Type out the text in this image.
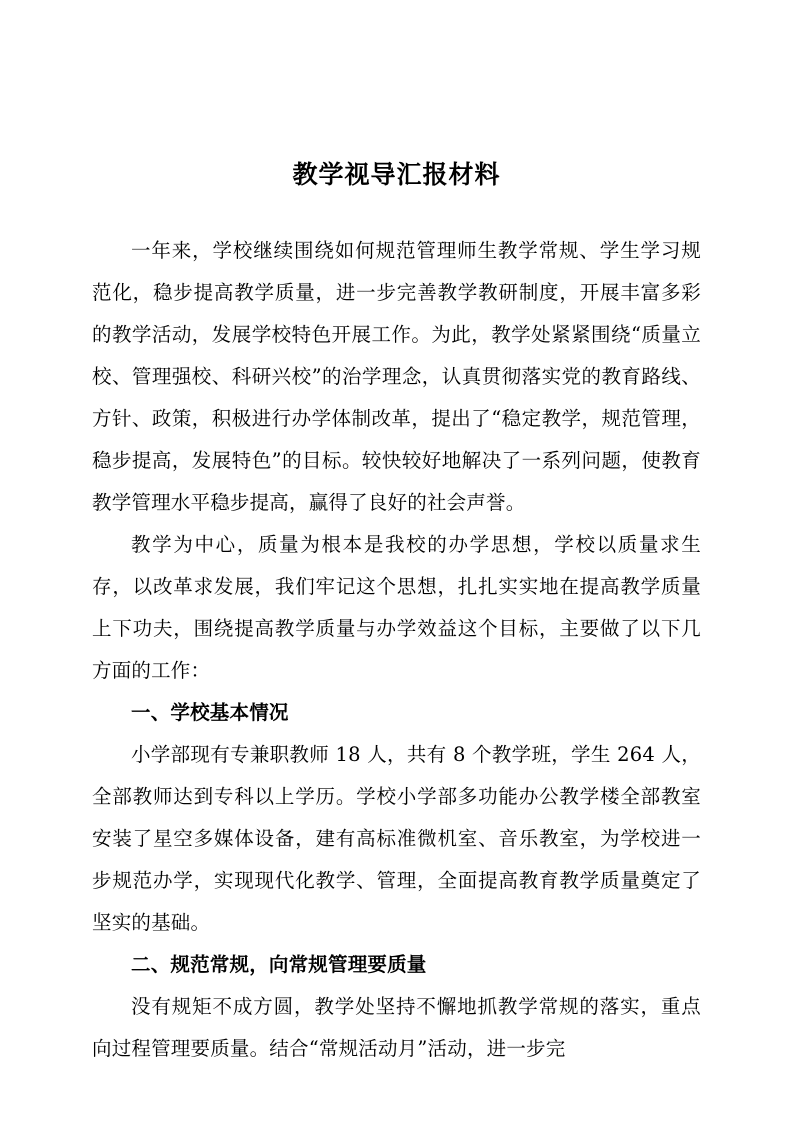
教学视导汇报材料

一年来，学校继续围绕如何规范管理师生教学常规、学生学习规范化，稳步提高教学质量，进一步完善教学教研制度，开展丰富多彩的教学活动，发展学校特色开展工作。为此，教学处紧紧围绕“质量立校、管理强校、科研兴校”的治学理念，认真贯彻落实党的教育路线、方针、政策，积极进行办学体制改革，提出了“稳定教学，规范管理，稳步提高，发展特色”的目标。较快较好地解决了一系列问题，使教育教学管理水平稳步提高，赢得了良好的社会声誉。

教学为中心，质量为根本是我校的办学思想，学校以质量求生存，以改革求发展，我们牢记这个思想，扎扎实实地在提高教学质量上下功夫，围绕提高教学质量与办学效益这个目标，主要做了以下几方面的工作：

一、学校基本情况

小学部现有专兼职教师 18 人，共有 8 个教学班，学生 264 人，全部教师达到专科以上学历。学校小学部多功能办公教学楼全部教室安装了星空多媒体设备，建有高标准微机室、音乐教室，为学校进一步规范办学，实现现代化教学、管理，全面提高教育教学质量奠定了坚实的基础。

二、规范常规，向常规管理要质量

没有规矩不成方圆，教学处坚持不懈地抓教学常规的落实，重点向过程管理要质量。结合“常规活动月”活动，进一步完
